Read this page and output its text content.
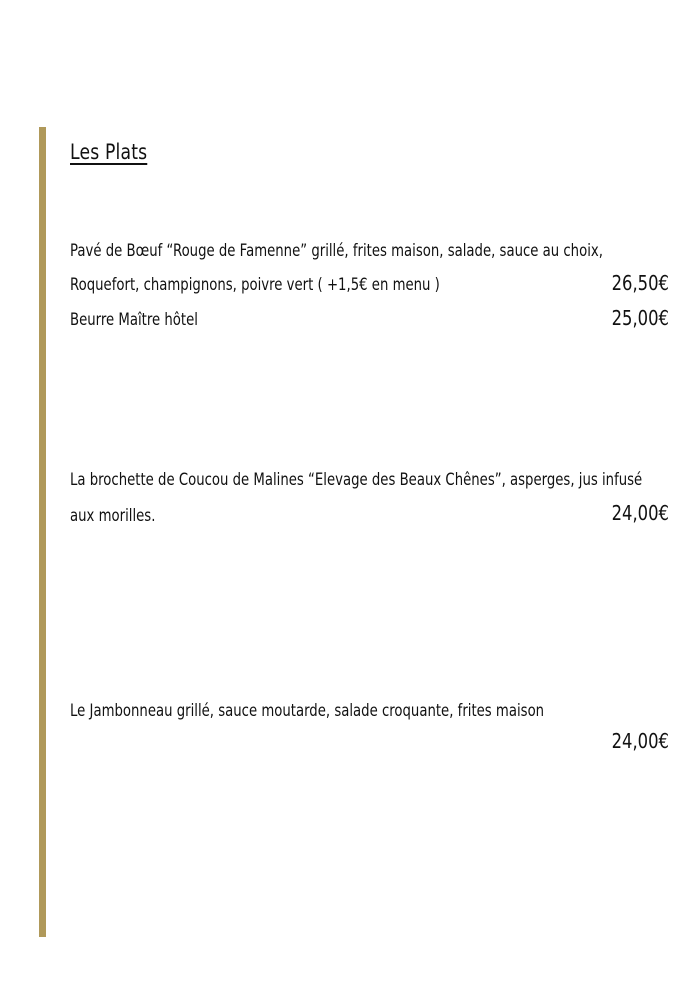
Les Plats
Pavé de Bœuf “Rouge de Famenne” grillé, frites maison, salade, sauce au choix,
Roquefort, champignons, poivre vert ( +1,5€ en menu )	26,50€
Beurre Maître hôtel	25,00€
La brochette de Coucou de Malines “Elevage des Beaux Chênes”, asperges, jus infusé
aux morilles.	24,00€
Le Jambonneau grillé, sauce moutarde, salade croquante, frites maison
24,00€
